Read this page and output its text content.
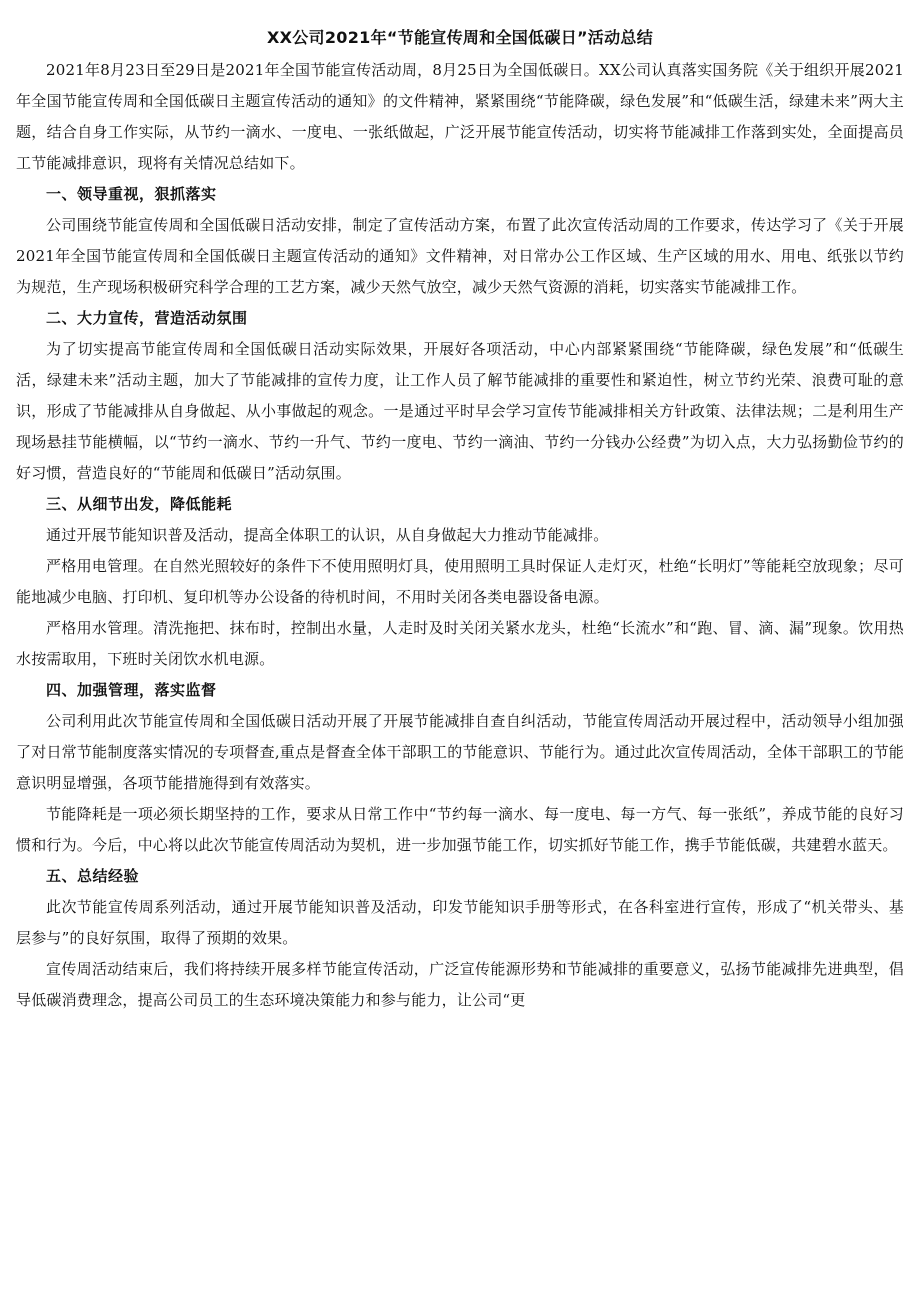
XX公司2021年“节能宣传周和全国低碳日”活动总结

2021年8月23日至29日是2021年全国节能宣传活动周，8月25日为全国低碳日。XX公司认真落实国务院《关于组织开展2021年全国节能宣传周和全国低碳日主题宣传活动的通知》的文件精神，紧紧围绕“节能降碳，绿色发展”和“低碳生活，绿建未来”两大主题，结合自身工作实际，从节约一滴水、一度电、一张纸做起，广泛开展节能宣传活动，切实将节能减排工作落到实处，全面提高员工节能减排意识，现将有关情况总结如下。

一、领导重视，狠抓落实

公司围绕节能宣传周和全国低碳日活动安排，制定了宣传活动方案，布置了此次宣传活动周的工作要求，传达学习了《关于开展2021年全国节能宣传周和全国低碳日主题宣传活动的通知》文件精神，对日常办公工作区域、生产区域的用水、用电、纸张以节约为规范，生产现场积极研究科学合理的工艺方案，减少天然气放空，减少天然气资源的消耗，切实落实节能减排工作。

二、大力宣传，营造活动氛围

为了切实提高节能宣传周和全国低碳日活动实际效果，开展好各项活动，中心内部紧紧围绕“节能降碳，绿色发展”和“低碳生活，绿建未来”活动主题，加大了节能减排的宣传力度，让工作人员了解节能减排的重要性和紧迫性，树立节约光荣、浪费可耻的意识，形成了节能减排从自身做起、从小事做起的观念。一是通过平时早会学习宣传节能减排相关方针政策、法律法规；二是利用生产现场悬挂节能横幅，以“节约一滴水、节约一升气、节约一度电、节约一滴油、节约一分钱办公经费”为切入点，大力弘扬勤俭节约的好习惯，营造良好的“节能周和低碳日”活动氛围。

三、从细节出发，降低能耗

通过开展节能知识普及活动，提高全体职工的认识，从自身做起大力推动节能减排。

严格用电管理。在自然光照较好的条件下不使用照明灯具，使用照明工具时保证人走灯灭，杜绝“长明灯”等能耗空放现象；尽可能地减少电脑、打印机、复印机等办公设备的待机时间，不用时关闭各类电器设备电源。

严格用水管理。清洗拖把、抹布时，控制出水量，人走时及时关闭关紧水龙头，杜绝“长流水”和“跑、冒、滴、漏”现象。饮用热水按需取用，下班时关闭饮水机电源。

四、加强管理，落实监督

公司利用此次节能宣传周和全国低碳日活动开展了开展节能减排自查自纠活动，节能宣传周活动开展过程中，活动领导小组加强了对日常节能制度落实情况的专项督查,重点是督查全体干部职工的节能意识、节能行为。通过此次宣传周活动，全体干部职工的节能意识明显增强，各项节能措施得到有效落实。

节能降耗是一项必须长期坚持的工作，要求从日常工作中“节约每一滴水、每一度电、每一方气、每一张纸”，养成节能的良好习惯和行为。今后，中心将以此次节能宣传周活动为契机，进一步加强节能工作，切实抓好节能工作，携手节能低碳，共建碧水蓝天。

五、总结经验

此次节能宣传周系列活动，通过开展节能知识普及活动，印发节能知识手册等形式，在各科室进行宣传，形成了“机关带头、基层参与”的良好氛围，取得了预期的效果。

宣传周活动结束后，我们将持续开展多样节能宣传活动，广泛宣传能源形势和节能减排的重要意义，弘扬节能减排先进典型，倡导低碳消费理念，提高公司员工的生态环境决策能力和参与能力，让公司“更
